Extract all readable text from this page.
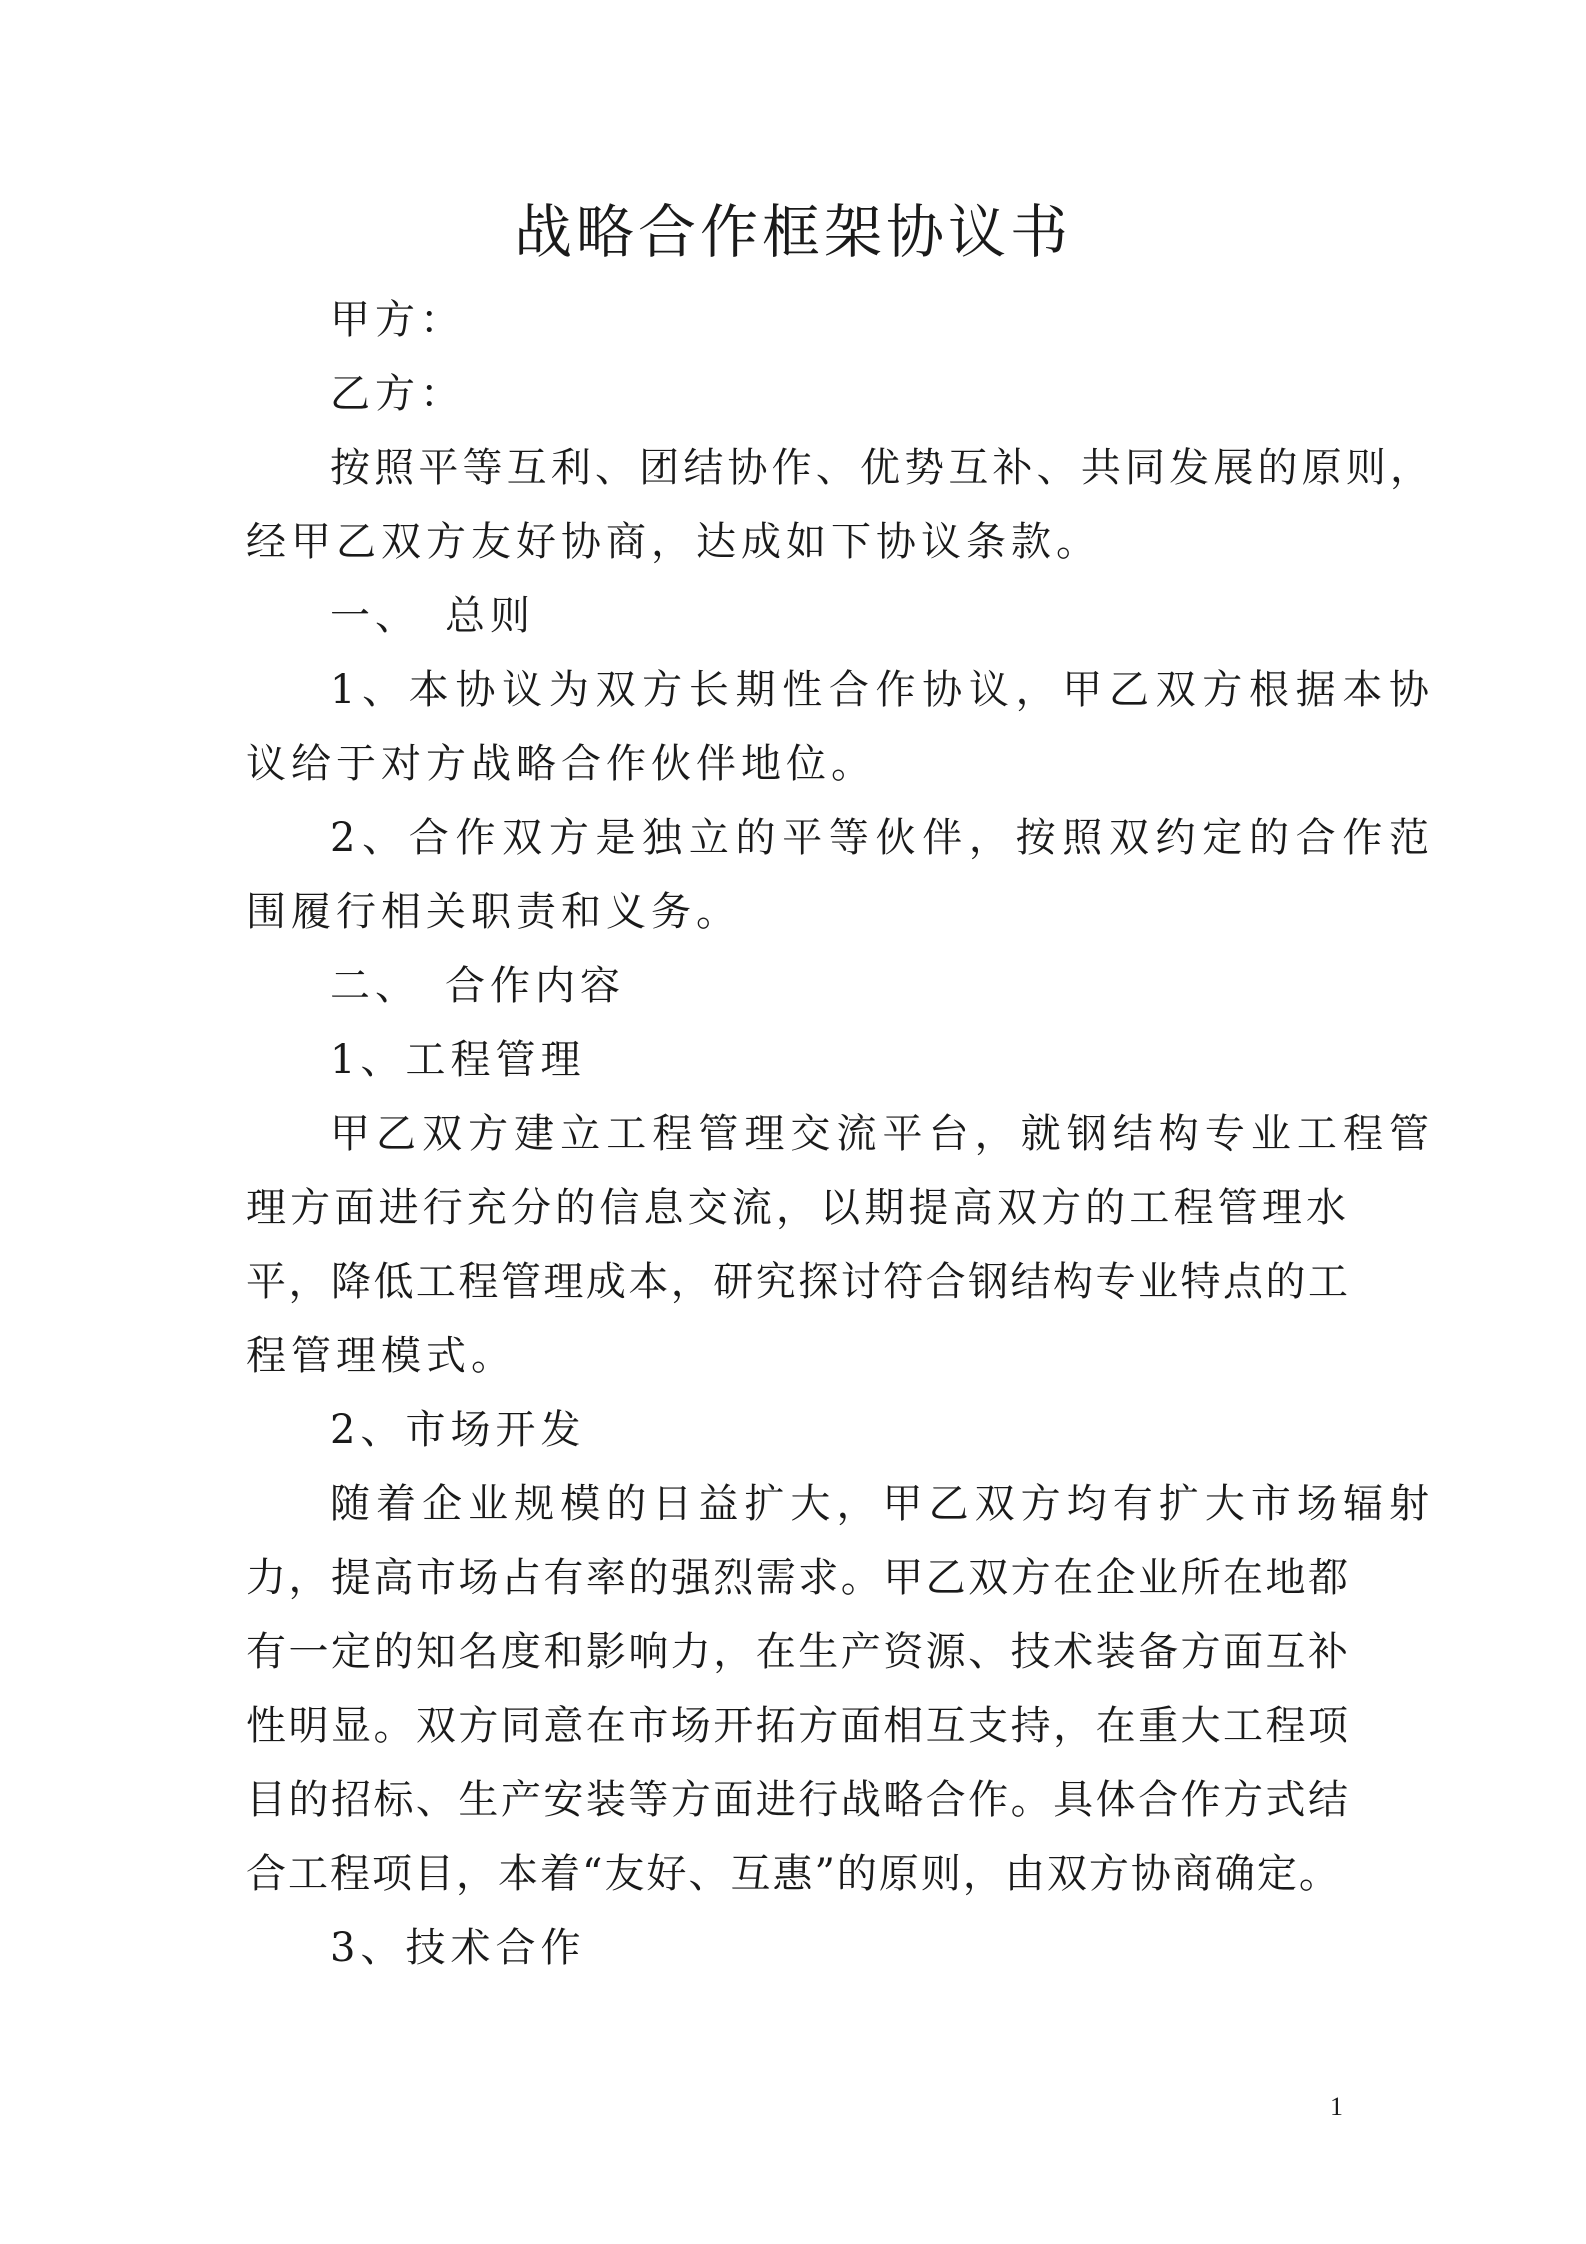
战略合作框架协议书
甲方：
乙方：
按照平等互利、团结协作、优势互补、共同发展的原则，
经甲乙双方友好协商，达成如下协议条款。
一、　总则
1、本协议为双方长期性合作协议，甲乙双方根据本协
议给于对方战略合作伙伴地位。
2、合作双方是独立的平等伙伴，按照双约定的合作范
围履行相关职责和义务。
二、　合作内容
1、工程管理
甲乙双方建立工程管理交流平台，就钢结构专业工程管
理方面进行充分的信息交流，以期提高双方的工程管理水
平，降低工程管理成本，研究探讨符合钢结构专业特点的工
程管理模式。
2、市场开发
随着企业规模的日益扩大，甲乙双方均有扩大市场辐射
力，提高市场占有率的强烈需求。甲乙双方在企业所在地都
有一定的知名度和影响力，在生产资源、技术装备方面互补
性明显。双方同意在市场开拓方面相互支持，在重大工程项
目的招标、生产安装等方面进行战略合作。具体合作方式结
合工程项目，本着“友好、互惠”的原则，由双方协商确定。
3、技术合作
1
